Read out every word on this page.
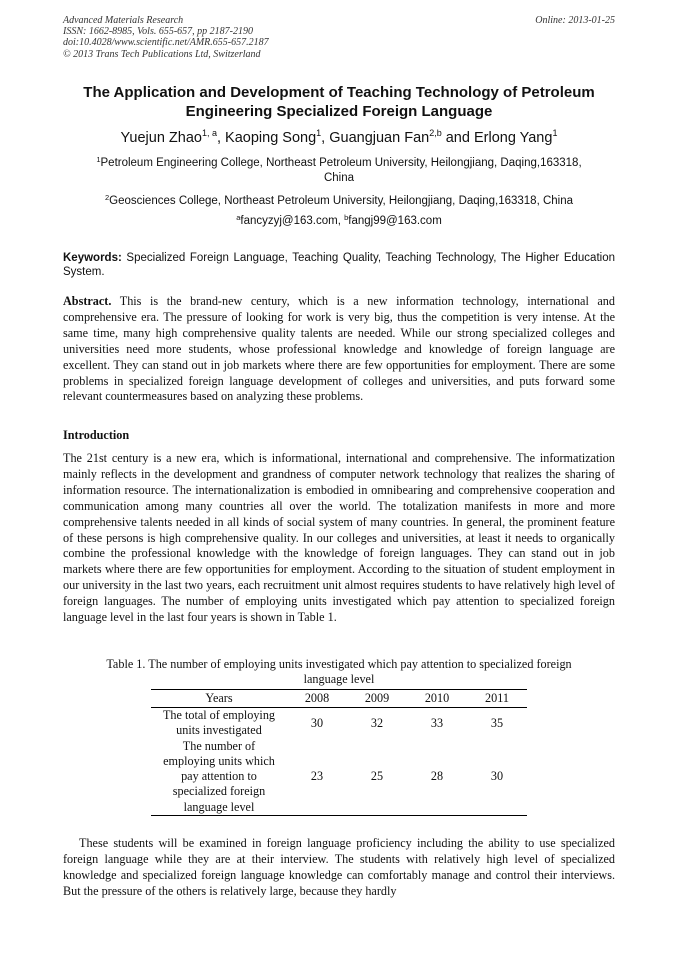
Advanced Materials Research
ISSN: 1662-8985, Vols. 655-657, pp 2187-2190
doi:10.4028/www.scientific.net/AMR.655-657.2187
© 2013 Trans Tech Publications Ltd, Switzerland
Online: 2013-01-25
The Application and Development of Teaching Technology of Petroleum
Engineering Specialized Foreign Language
Yuejun Zhao$^{1, a}$, Kaoping Song$^1$, Guangjuan Fan$^{2,b}$ and Erlong Yang$^1$
$^1$Petroleum Engineering College, Northeast Petroleum University, Heilongjiang, Daqing,163318,
China
$^2$Geosciences College, Northeast Petroleum University, Heilongjiang, Daqing,163318, China
$^a$fancyzyj@163.com, $^b$fangj99@163.com
Keywords: Specialized Foreign Language, Teaching Quality, Teaching Technology, The Higher Education System.
Abstract. This is the brand-new century, which is a new information technology, international and comprehensive era. The pressure of looking for work is very big, thus the competition is very intense. At the same time, many high comprehensive quality talents are needed. While our strong specialized colleges and universities need more students, whose professional knowledge and knowledge of foreign language are excellent. They can stand out in job markets where there are few opportunities for employment. There are some problems in specialized foreign language development of colleges and universities, and puts forward some relevant countermeasures based on analyzing these problems.
Introduction
The 21st century is a new era, which is informational, international and comprehensive. The informatization mainly reflects in the development and grandness of computer network technology that realizes the sharing of information resource. The internationalization is embodied in omnibearing and comprehensive cooperation and communication among many countries all over the world. The totalization manifests in more and more comprehensive talents needed in all kinds of social system of many countries. In general, the prominent feature of these persons is high comprehensive quality. In our colleges and universities, at least it needs to organically combine the professional knowledge with the knowledge of foreign languages. They can stand out in job markets where there are few opportunities for employment. According to the situation of student employment in our university in the last two years, each recruitment unit almost requires students to have relatively high level of foreign languages. The number of employing units investigated which pay attention to specialized foreign language level in the last four years is shown in Table 1.
Table 1. The number of employing units investigated which pay attention to specialized foreign
language level
Years	2008	2009	2010	2011

The total of employing
units investigated	30	32	33	35

The number of
employing units which
pay attention to
specialized foreign
language level	23	25	28	30
These students will be examined in foreign language proficiency including the ability to use specialized foreign language while they are at their interview. The students with relatively high level of specialized knowledge and specialized foreign language knowledge can comfortably manage and control their interviews. But the pressure of the others is relatively large, because they hardly
